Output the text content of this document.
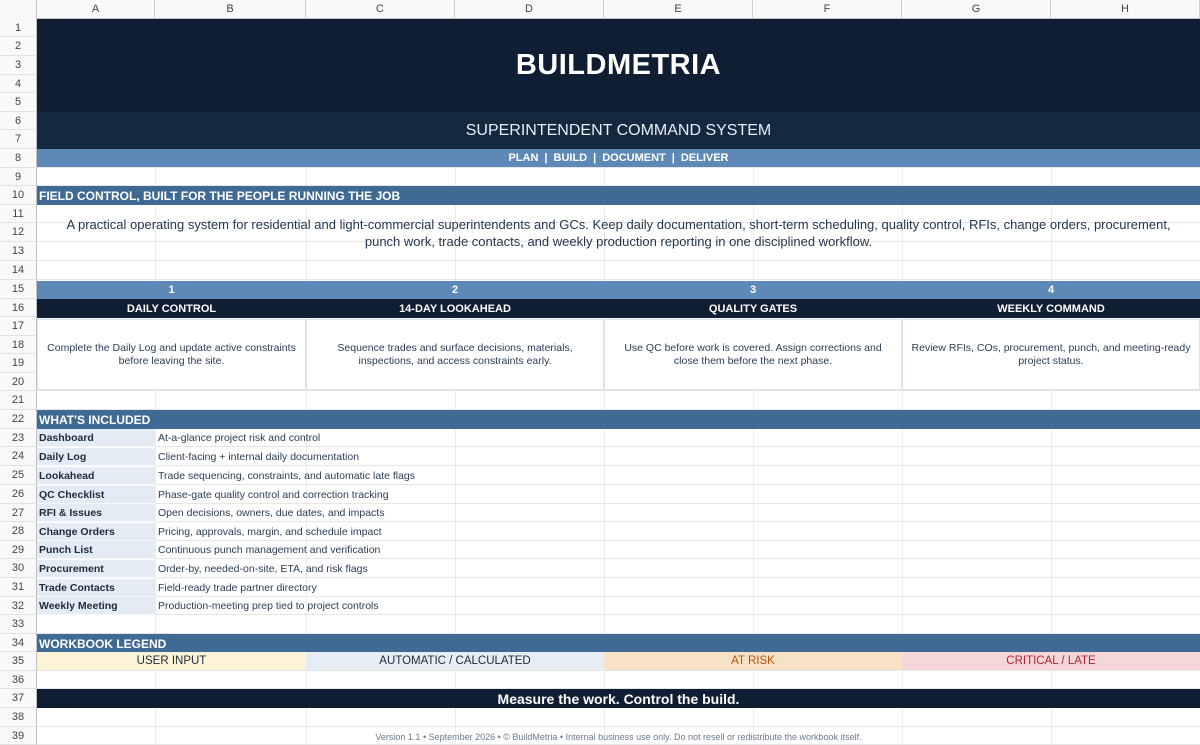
A	B	C	D	E	F	G	H
1
2
3
4
5
6
7
8
9
10
11
12
13
14
15
16
17
18
19
20
21
22
23
24
25
26
27
28
29
30
31
32
33
34
35
36
37
38
39
BUILDMETRIA
SUPERINTENDENT COMMAND SYSTEM
PLAN | BUILD | DOCUMENT | DELIVER
FIELD CONTROL, BUILT FOR THE PEOPLE RUNNING THE JOB
A practical operating system for residential and light-commercial superintendents and GCs. Keep daily documentation, short-term scheduling, quality control, RFIs, change orders, procurement, punch work, trade contacts, and weekly production reporting in one disciplined workflow.
1	2	3	4
DAILY CONTROL	14-DAY LOOKAHEAD	QUALITY GATES	WEEKLY COMMAND
Complete the Daily Log and update active constraints before leaving the site.
Sequence trades and surface decisions, materials, inspections, and access constraints early.
Use QC before work is covered. Assign corrections and close them before the next phase.
Review RFIs, COs, procurement, punch, and meeting-ready project status.
WHAT'S INCLUDED
Dashboard	At-a-glance project risk and control
Daily Log	Client-facing + internal daily documentation
Lookahead	Trade sequencing, constraints, and automatic late flags
QC Checklist	Phase-gate quality control and correction tracking
RFI & Issues	Open decisions, owners, due dates, and impacts
Change Orders	Pricing, approvals, margin, and schedule impact
Punch List	Continuous punch management and verification
Procurement	Order-by, needed-on-site, ETA, and risk flags
Trade Contacts	Field-ready trade partner directory
Weekly Meeting	Production-meeting prep tied to project controls
WORKBOOK LEGEND
USER INPUT	AUTOMATIC / CALCULATED	AT RISK	CRITICAL / LATE
Measure the work. Control the build.
Version 1.1 • September 2026 • © BuildMetria • Internal business use only. Do not resell or redistribute the workbook itself.
